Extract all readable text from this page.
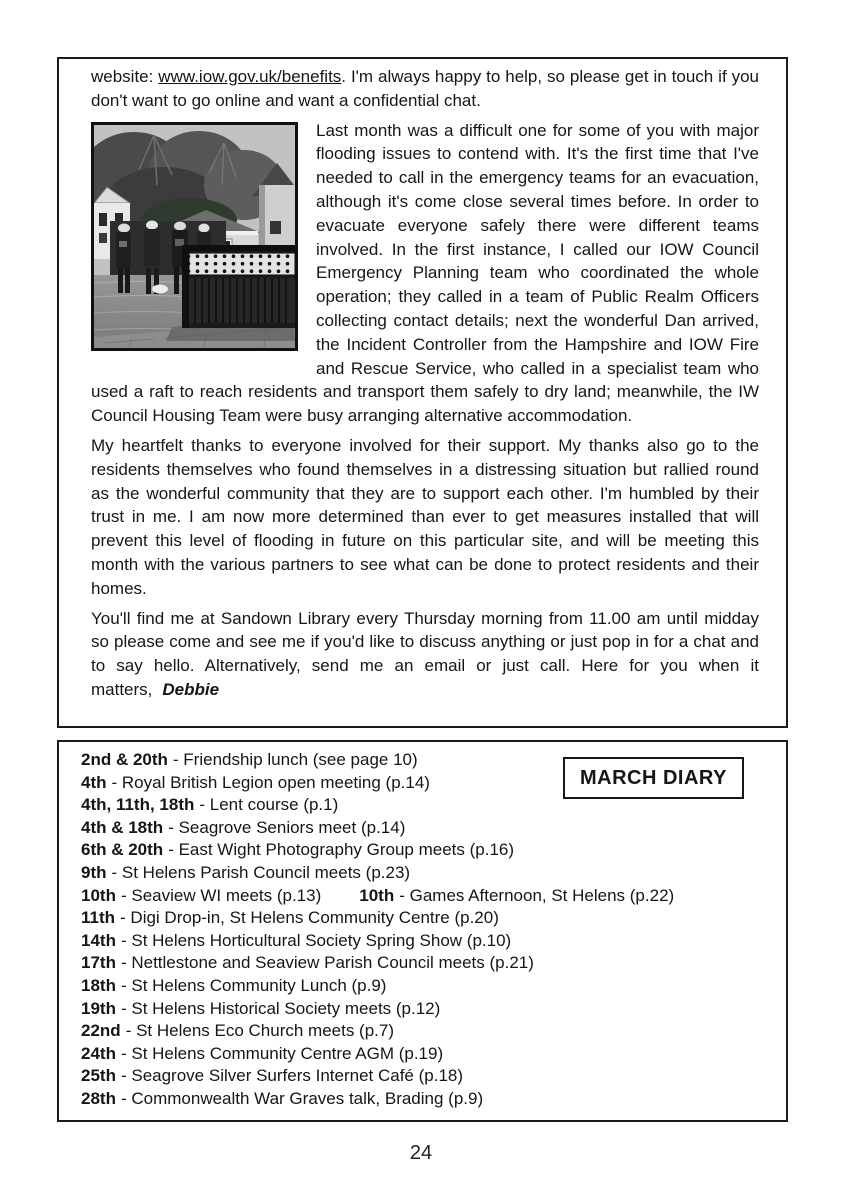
website: www.iow.gov.uk/benefits. I'm always happy to help, so please get in touch if you don't want to go online and want a confidential chat.

Last month was a difficult one for some of you with major flooding issues to contend with. It's the first time that I've needed to call in the emergency teams for an evacuation, although it's come close several times before. In order to evacuate everyone safely there were different teams involved. In the first instance, I called our IOW Council Emergency Planning team who coordinated the whole operation; they called in a team of Public Realm Officers collecting contact details; next the wonderful Dan arrived, the Incident Controller from the Hampshire and IOW Fire and Rescue Service, who called in a specialist team who used a raft to reach residents and transport them safely to dry land; meanwhile, the IW Council Housing Team were busy arranging alternative accommodation.

My heartfelt thanks to everyone involved for their support. My thanks also go to the residents themselves who found themselves in a distressing situation but rallied round as the wonderful community that they are to support each other. I'm humbled by their trust in me. I am now more determined than ever to get measures installed that will prevent this level of flooding in future on this particular site, and will be meeting this month with the various partners to see what can be done to protect residents and their homes.

You'll find me at Sandown Library every Thursday morning from 11.00 am until midday so please come and see me if you'd like to discuss anything or just pop in for a chat and to say hello. Alternatively, send me an email or just call. Here for you when it matters, Debbie

MARCH DIARY
2nd & 20th - Friendship lunch (see page 10)
4th - Royal British Legion open meeting (p.14)
4th, 11th, 18th - Lent course (p.1)
4th & 18th - Seagrove Seniors meet (p.14)
6th & 20th - East Wight Photography Group meets (p.16)
9th - St Helens Parish Council meets (p.23)
10th - Seaview WI meets (p.13) 10th - Games Afternoon, St Helens (p.22)
11th - Digi Drop-in, St Helens Community Centre (p.20)
14th - St Helens Horticultural Society Spring Show (p.10)
17th - Nettlestone and Seaview Parish Council meets (p.21)
18th - St Helens Community Lunch (p.9)
19th - St Helens Historical Society meets (p.12)
22nd - St Helens Eco Church meets (p.7)
24th - St Helens Community Centre AGM (p.19)
25th - Seagrove Silver Surfers Internet Café (p.18)
28th - Commonwealth War Graves talk, Brading (p.9)
24
